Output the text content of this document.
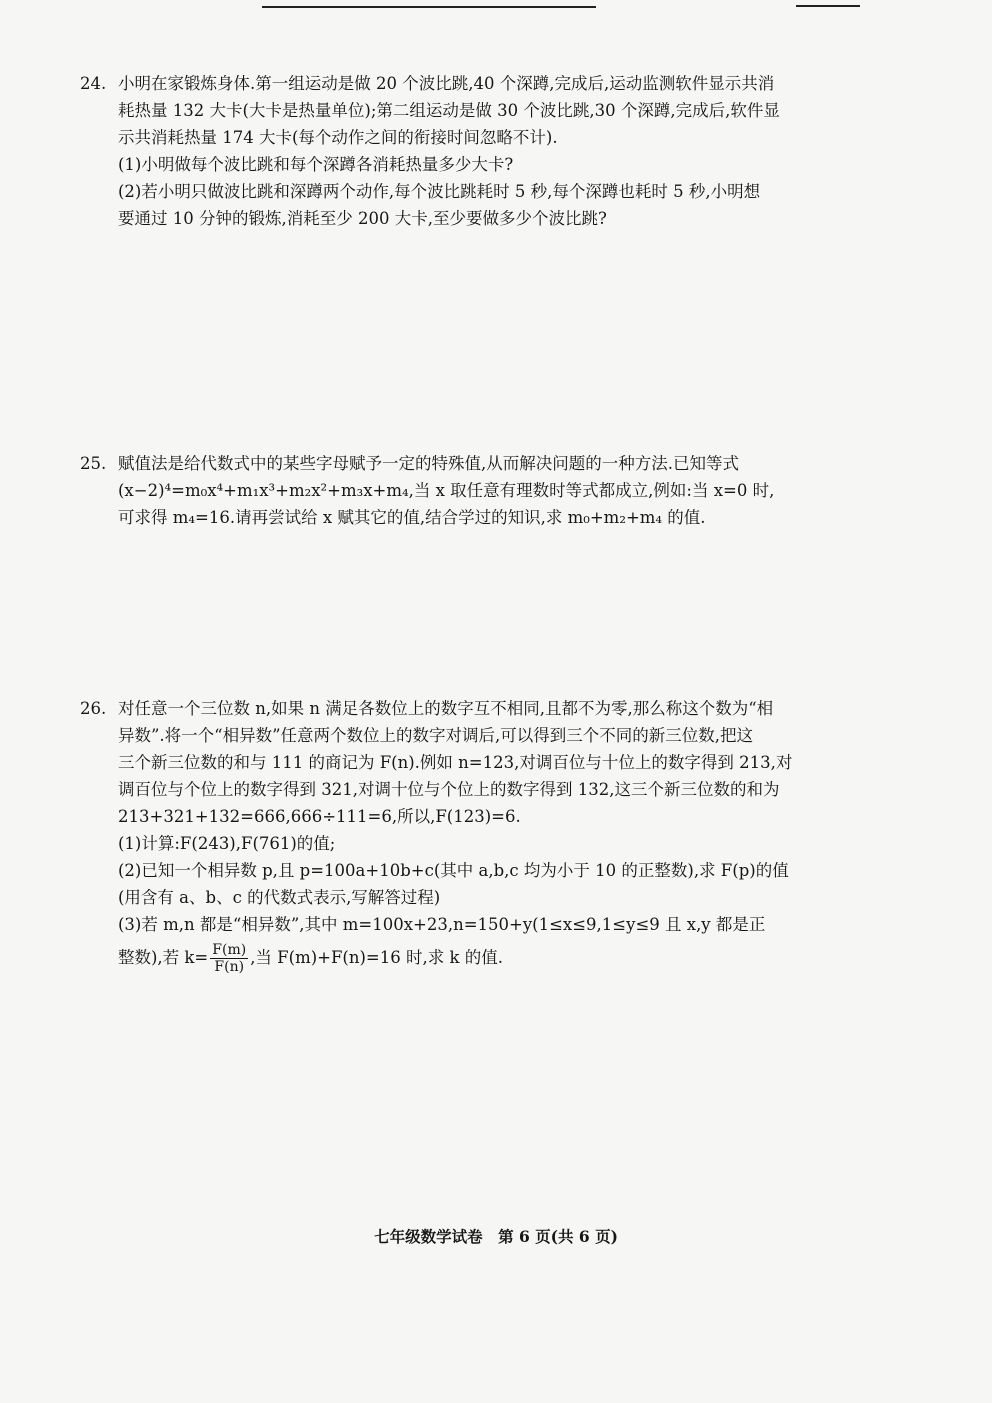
24. 小明在家锻炼身体.第一组运动是做 20 个波比跳,40 个深蹲,完成后,运动监测软件显示共消
耗热量 132 大卡(大卡是热量单位);第二组运动是做 30 个波比跳,30 个深蹲,完成后,软件显
示共消耗热量 174 大卡(每个动作之间的衔接时间忽略不计).
(1)小明做每个波比跳和每个深蹲各消耗热量多少大卡?
(2)若小明只做波比跳和深蹲两个动作,每个波比跳耗时 5 秒,每个深蹲也耗时 5 秒,小明想
要通过 10 分钟的锻炼,消耗至少 200 大卡,至少要做多少个波比跳?
25. 赋值法是给代数式中的某些字母赋予一定的特殊值,从而解决问题的一种方法.已知等式
(x−2)⁴=m₀x⁴+m₁x³+m₂x²+m₃x+m₄,当 x 取任意有理数时等式都成立,例如:当 x=0 时,
可求得 m₄=16.请再尝试给 x 赋其它的值,结合学过的知识,求 m₀+m₂+m₄ 的值.
26. 对任意一个三位数 n,如果 n 满足各数位上的数字互不相同,且都不为零,那么称这个数为“相
异数”.将一个“相异数”任意两个数位上的数字对调后,可以得到三个不同的新三位数,把这
三个新三位数的和与 111 的商记为 F(n).例如 n=123,对调百位与十位上的数字得到 213,对
调百位与个位上的数字得到 321,对调十位与个位上的数字得到 132,这三个新三位数的和为
213+321+132=666,666÷111=6,所以,F(123)=6.
(1)计算:F(243),F(761)的值;
(2)已知一个相异数 p,且 p=100a+10b+c(其中 a,b,c 均为小于 10 的正整数),求 F(p)的值
(用含有 a、b、c 的代数式表示,写解答过程)
(3)若 m,n 都是“相异数”,其中 m=100x+23,n=150+y(1≤x≤9,1≤y≤9 且 x,y 都是正
整数),若 $k= \frac{F(m)}{F(n)}$ ,当 F(m)+F(n)=16 时,求 k 的值.
七年级数学试卷　第 6 页(共 6 页)
